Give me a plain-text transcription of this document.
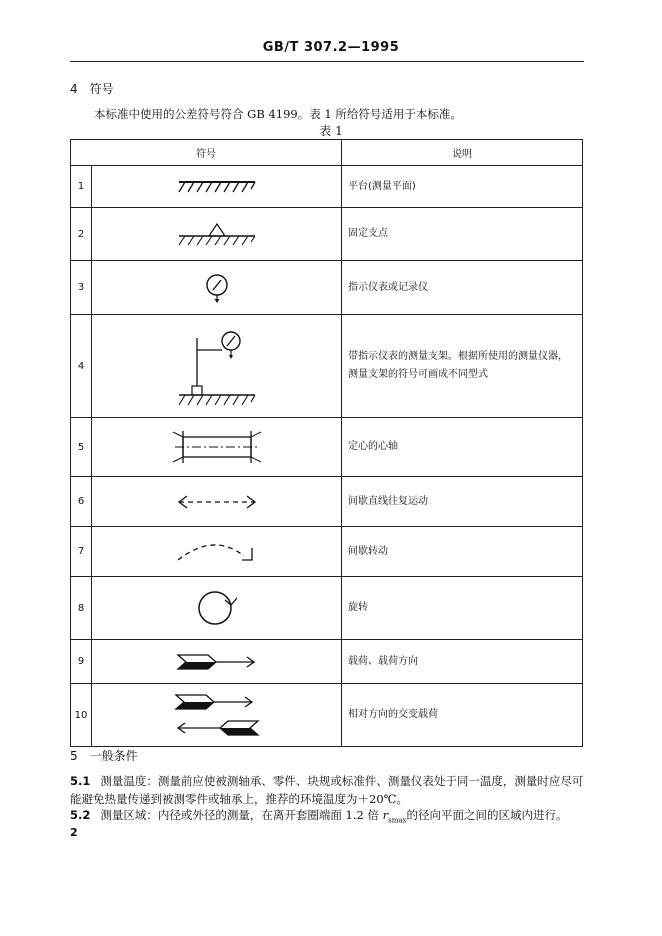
GB/T 307.2—1995
4 符号
本标准中使用的公差符号符合 GB 4199。表 1 所给符号适用于本标准。
表 1
符号		说明
1		平台(测量平面)
2		固定支点
3		指示仪表或记录仪
4		带指示仪表的测量支架。根据所使用的测量仪器，测量支架的符号可画成不同型式
5		定心的心轴
6		间歇直线往复运动
7		间歇转动
8		旋转
9		载荷、载荷方向
10		相对方向的交变载荷
5 一般条件
5.1 测量温度：测量前应使被测轴承、零件、块规或标准件、测量仪表处于同一温度，测量时应尽可能避免热量传递到被测零件或轴承上，推荐的环境温度为＋20℃。
5.2 测量区域：内径或外径的测量，在离开套圈端面 1.2 倍 $r_{smax}$的径向平面之间的区域内进行。
2
